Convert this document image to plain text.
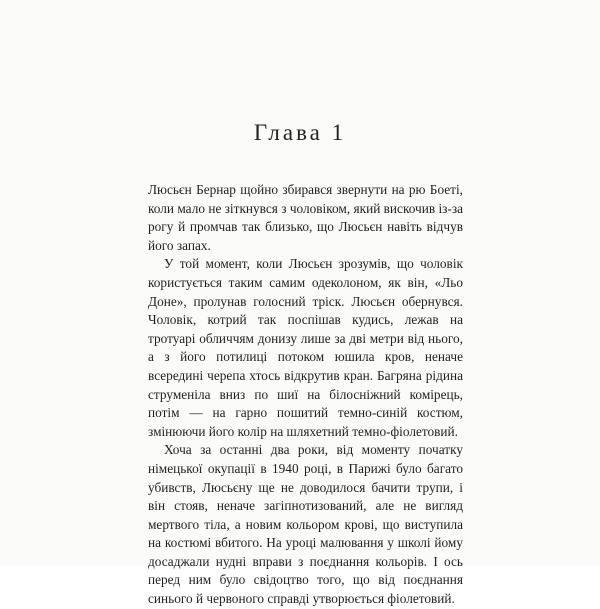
Глава 1

Люсьєн Бернар щойно збирався звернути на рю Боеті, коли мало не зіткнувся з чоловіком, який вискочив із-за рогу й промчав так близько, що Люсьєн навіть відчув його запах.

У той момент, коли Люсьєн зрозумів, що чоловік користується таким самим одеколоном, як він, «Льо Доне», пролунав голосний тріск. Люсьєн обернувся. Чоловік, котрий так поспішав кудись, лежав на тротуарі обличчям донизу лише за дві метри від нього, а з його потилиці потоком юшила кров, неначе всередині черепа хтось відкрутив кран. Багряна рідина струменіла вниз по шиї на білосніжний комірець, потім — на гарно пошитий темно-синій костюм, змінюючи його колір на шляхетний темно-фіолетовий.

Хоча за останні два роки, від моменту початку німецької окупації в 1940 році, в Парижі було багато убивств, Люсьєну ще не доводилося бачити трупи, і він стояв, неначе загіпнотизований, але не вигляд мертвого тіла, а новим кольором крові, що виступила на костюмі вбитого. На уроці малювання у школі йому досаджали нудні вправи з поєднання кольорів. І ось перед ним було свідоцтво того, що від поєднання синього й червоного справді утворюється фіолетовий.
